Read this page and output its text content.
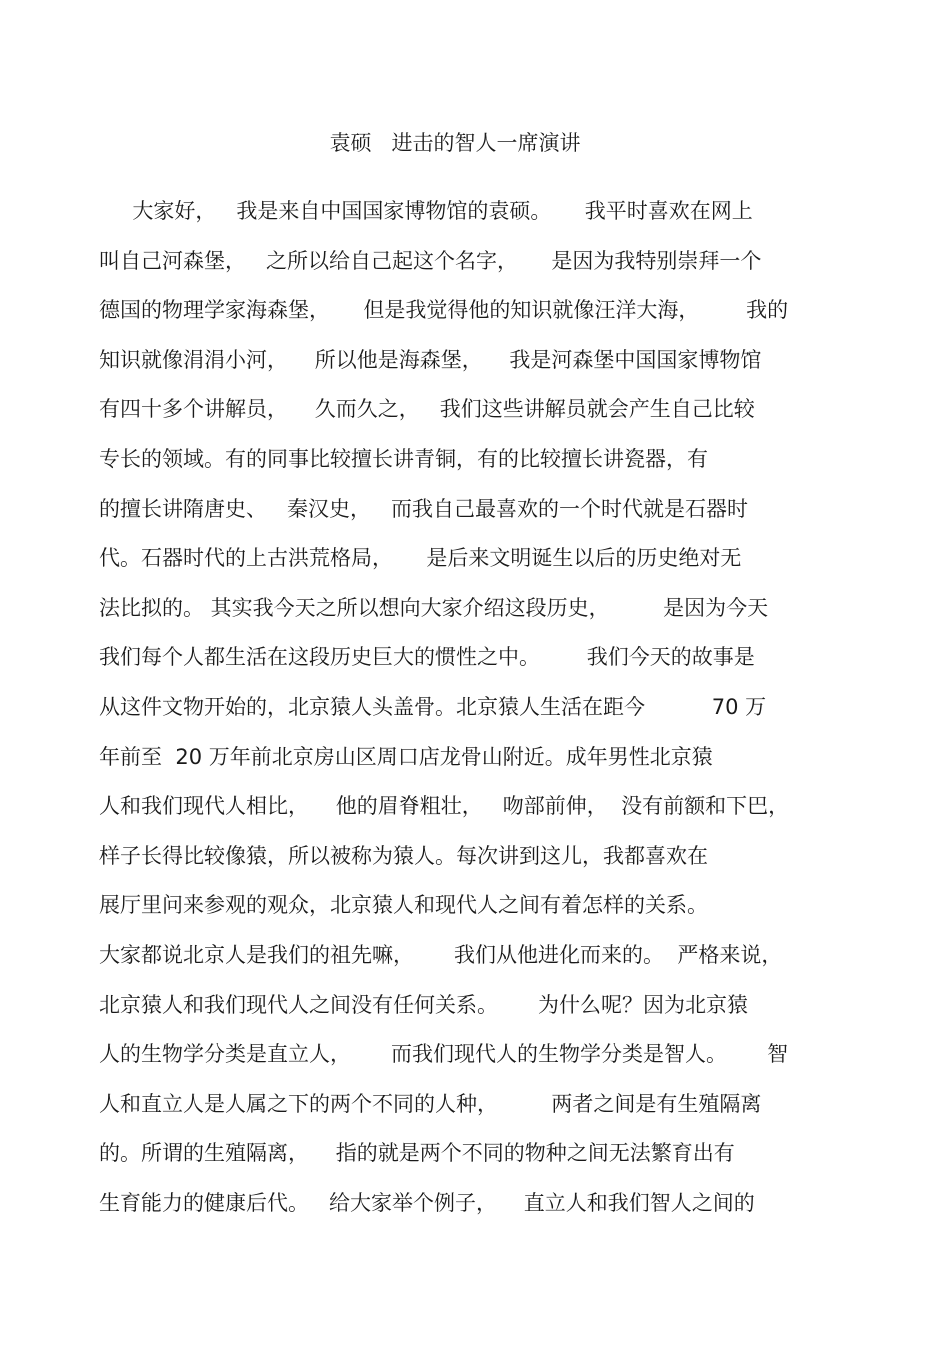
袁硕   进击的智人一席演讲
大家好，   我是来自中国国家博物馆的袁硕。     我平时喜欢在网上
叫自己河森堡，   之所以给自己起这个名字，     是因为我特别崇拜一个
德国的物理学家海森堡，     但是我觉得他的知识就像汪洋大海，       我的
知识就像涓涓小河，    所以他是海森堡，    我是河森堡中国国家博物馆
有四十多个讲解员，    久而久之，   我们这些讲解员就会产生自己比较
专长的领域。有的同事比较擅长讲青铜，有的比较擅长讲瓷器，有
的擅长讲隋唐史、   秦汉史，   而我自己最喜欢的一个时代就是石器时
代。石器时代的上古洪荒格局，     是后来文明诞生以后的历史绝对无
法比拟的。 其实我今天之所以想向大家介绍这段历史，        是因为今天
我们每个人都生活在这段历史巨大的惯性之中。       我们今天的故事是
从这件文物开始的，北京猿人头盖骨。北京猿人生活在距今          70 万
年前至  20 万年前北京房山区周口店龙骨山附近。成年男性北京猿
人和我们现代人相比，    他的眉脊粗壮，   吻部前伸，  没有前额和下巴，
样子长得比较像猿，所以被称为猿人。每次讲到这儿，我都喜欢在
展厅里问来参观的观众，北京猿人和现代人之间有着怎样的关系。
大家都说北京人是我们的祖先嘛，      我们从他进化而来的。  严格来说，
北京猿人和我们现代人之间没有任何关系。      为什么呢？因为北京猿
人的生物学分类是直立人，      而我们现代人的生物学分类是智人。      智
人和直立人是人属之下的两个不同的人种，        两者之间是有生殖隔离
的。所谓的生殖隔离，    指的就是两个不同的物种之间无法繁育出有
生育能力的健康后代。   给大家举个例子，    直立人和我们智人之间的
